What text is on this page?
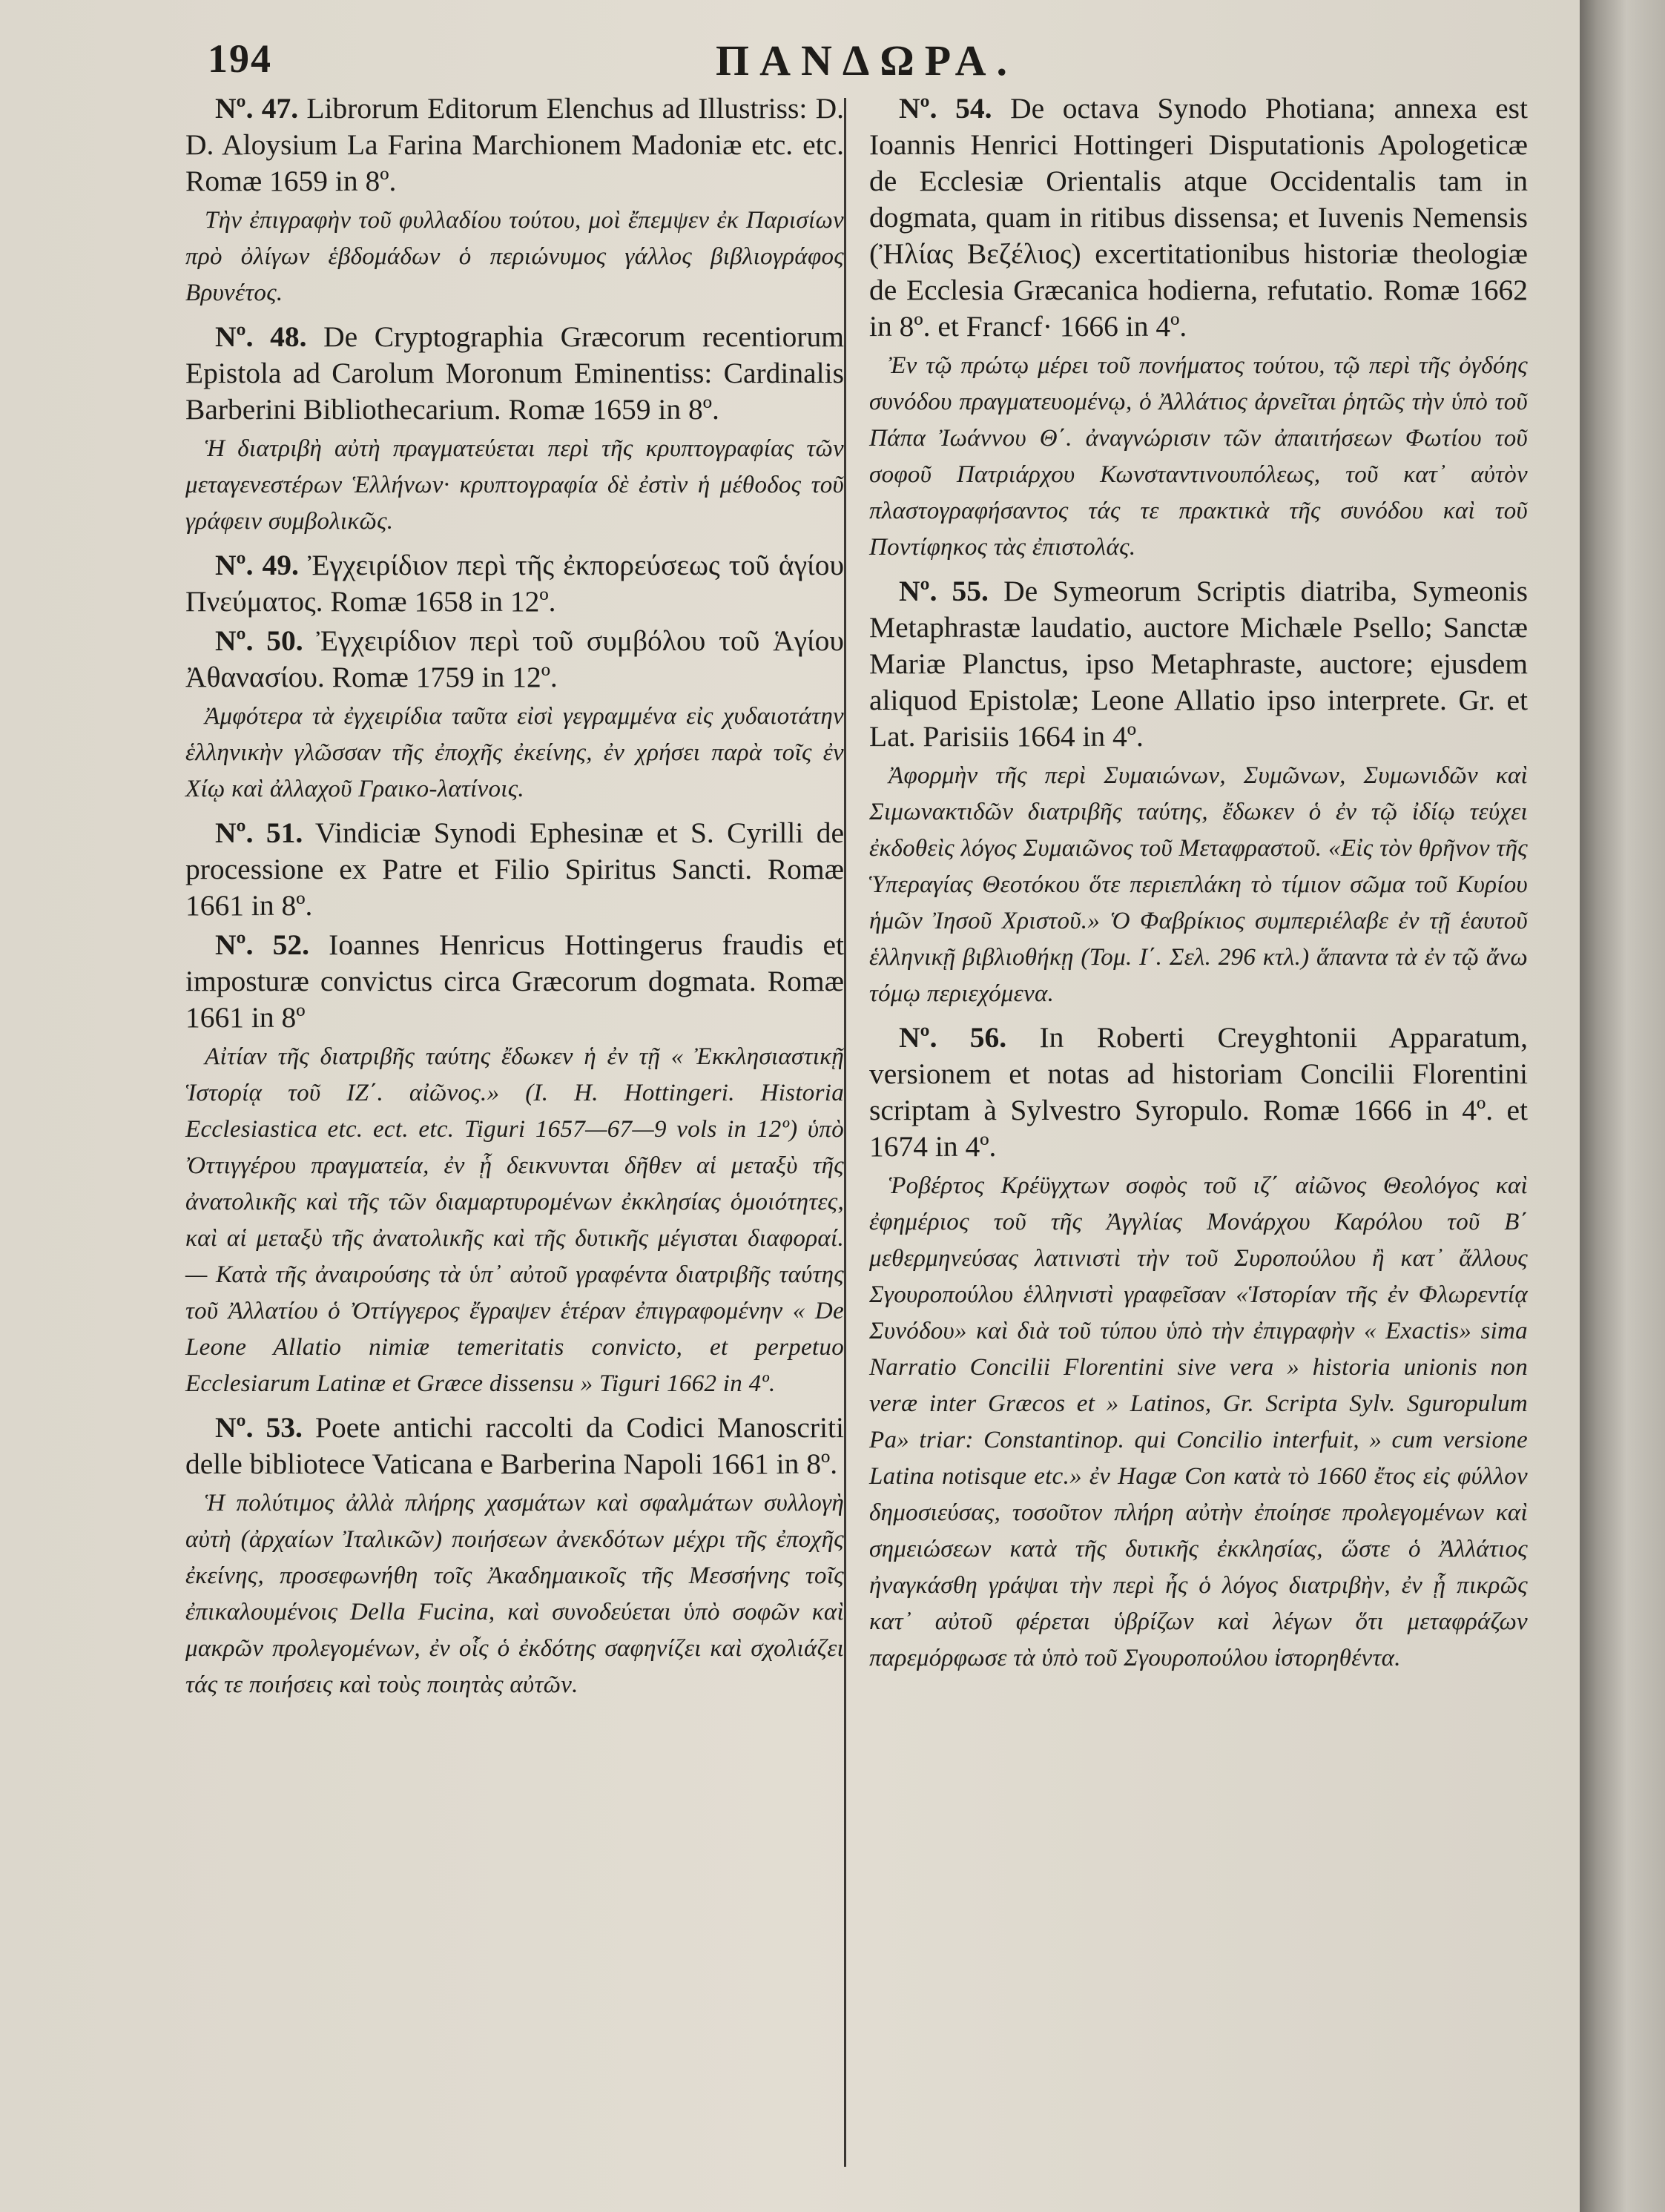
194	ΠΑΝΔΩΡΑ.

Nº. 47. Librorum Editorum Elenchus ad Illustriss: D. D. Aloysium La Farina Marchionem Madoniæ etc. etc. Romæ 1659 in 8º.

Τὴν ἐπιγραφὴν τοῦ φυλλαδίου τούτου, μοὶ ἔπεμψεν ἐκ Παρισίων πρὸ ὀλίγων ἑβδομάδων ὁ περιώνυμος γάλλος βιβλιογράφος Βρυνέτος.

Nº. 48. De Cryptographia Græcorum recentiorum Epistola ad Carolum Moronum Eminentiss: Cardinalis Barberini Bibliothecarium. Romæ 1659 in 8º.

Ἡ διατριβὴ αὐτὴ πραγματεύεται περὶ τῆς κρυπτογραφίας τῶν μεταγενεστέρων Ἑλλήνων· κρυπτογραφία δὲ ἐστὶν ἡ μέθοδος τοῦ γράφειν συμβολικῶς.

Nº. 49. Ἐγχειρίδιον περὶ τῆς ἐκπορεύσεως τοῦ ἁγίου Πνεύματος. Romæ 1658 in 12º.

Nº. 50. Ἐγχειρίδιον περὶ τοῦ συμβόλου τοῦ Ἁγίου Ἀθανασίου. Romæ 1759 in 12º.

Ἀμφότερα τὰ ἐγχειρίδια ταῦτα εἰσὶ γεγραμμένα εἰς χυδαιοτάτην ἑλληνικὴν γλῶσσαν τῆς ἐποχῆς ἐκείνης, ἐν χρήσει παρὰ τοῖς ἐν Χίῳ καὶ ἀλλαχοῦ Γραικο-λατίνοις.

Nº. 51. Vindiciæ Synodi Ephesinæ et S. Cyrilli de processione ex Patre et Filio Spiritus Sancti. Romæ 1661 in 8º.

Nº. 52. Ioannes Henricus Hottingerus fraudis et imposturæ convictus circa Græcorum dogmata. Romæ 1661 in 8º

Αἰτίαν τῆς διατριβῆς ταύτης ἔδωκεν ἡ ἐν τῇ « Ἐκκλησιαστικῇ Ἱστορίᾳ τοῦ ΙΖ΄. αἰῶνος.» (I. H. Hottingeri. Historia Ecclesiastica etc. ect. etc. Tiguri 1657—67—9 vols in 12º) ὑπὸ Ὀττιγγέρου πραγματεία, ἐν ᾗ δεικνυνται δῆθεν αἱ μεταξὺ τῆς ἀνατολικῆς καὶ τῆς τῶν διαμαρτυρομένων ἐκκλησίας ὁμοιότητες, καὶ αἱ μεταξὺ τῆς ἀνατολικῆς καὶ τῆς δυτικῆς μέγισται διαφοραί. — Κατὰ τῆς ἀναιρούσης τὰ ὑπ᾽ αὐτοῦ γραφέντα διατριβῆς ταύτης τοῦ Ἀλλατίου ὁ Ὀττίγγερος ἔγραψεν ἑτέραν ἐπιγραφομένην « De Leone Allatio nimiæ temeritatis convicto, et perpetuo Ecclesiarum Latinæ et Græce dissensu » Tiguri 1662 in 4º.

Nº. 53. Poete antichi raccolti da Codici Manoscriti delle bibliotece Vaticana e Barberina Napoli 1661 in 8º.

Ἡ πολύτιμος ἀλλὰ πλήρης χασμάτων καὶ σφαλμάτων συλλογὴ αὐτὴ (ἀρχαίων Ἰταλικῶν) ποιήσεων ἀνεκδότων μέχρι τῆς ἐποχῆς ἐκείνης, προσεφωνήθη τοῖς Ἀκαδημαικοῖς τῆς Μεσσήνης τοῖς ἐπικαλουμένοις Della Fucina, καὶ συνοδεύεται ὑπὸ σοφῶν καὶ μακρῶν προλεγομένων, ἐν οἷς ὁ ἐκδότης σαφηνίζει καὶ σχολιάζει τάς τε ποιήσεις καὶ τοὺς ποιητὰς αὐτῶν.

Nº. 54. De octava Synodo Photiana; annexa est Ioannis Henrici Hottingeri Disputationis Apologeticæ de Ecclesiæ Orientalis atque Occidentalis tam in dogmata, quam in ritibus dissensa; et Iuvenis Nemensis (Ἠλίας Βεζέλιος) excertitationibus historiæ theologiæ de Ecclesia Græcanica hodierna, refutatio. Romæ 1662 in 8º. et Francf· 1666 in 4º.

Ἐν τῷ πρώτῳ μέρει τοῦ πονήματος τούτου, τῷ περὶ τῆς ὀγδόης συνόδου πραγματευομένῳ, ὁ Ἀλλάτιος ἀρνεῖται ῥητῶς τὴν ὑπὸ τοῦ Πάπα Ἰωάννου Θ΄. ἀναγνώρισιν τῶν ἀπαιτήσεων Φωτίου τοῦ σοφοῦ Πατριάρχου Κωνσταντινουπόλεως, τοῦ κατ᾽ αὐτὸν πλαστογραφήσαντος τάς τε πρακτικὰ τῆς συνόδου καὶ τοῦ Ποντίφηκος τὰς ἐπιστολάς.

Nº. 55. De Symeorum Scriptis diatriba, Symeonis Metaphrastæ laudatio, auctore Michæle Psello; Sanctæ Mariæ Planctus, ipso Metaphraste, auctore; ejusdem aliquod Epistolæ; Leone Allatio ipso interprete. Gr. et Lat. Parisiis 1664 in 4º.

Ἀφορμὴν τῆς περὶ Συμαιώνων, Συμῶνων, Συμωνιδῶν καὶ Σιμωνακτιδῶν διατριβῆς ταύτης, ἔδωκεν ὁ ἐν τῷ ἰδίῳ τεύχει ἐκδοθεὶς λόγος Συμαιῶνος τοῦ Μεταφραστοῦ. «Εἰς τὸν θρῆνον τῆς Ὑπεραγίας Θεοτόκου ὅτε περιεπλάκη τὸ τίμιον σῶμα τοῦ Κυρίου ἡμῶν Ἰησοῦ Χριστοῦ.» Ὁ Φαβρίκιος συμπεριέλαβε ἐν τῇ ἑαυτοῦ ἑλληνικῇ βιβλιοθήκῃ (Τομ. Ι΄. Σελ. 296 κτλ.) ἅπαντα τὰ ἐν τῷ ἄνω τόμῳ περιεχόμενα.

Nº. 56. In Roberti Creyghtonii Apparatum, versionem et notas ad historiam Concilii Florentini scriptam à Sylvestro Syropulo. Romæ 1666 in 4º. et 1674 in 4º.

Ῥοβέρτος Κρέϋγχτων σοφὸς τοῦ ιζ΄ αἰῶνος Θεολόγος καὶ ἐφημέριος τοῦ τῆς Ἀγγλίας Μονάρχου Καρόλου τοῦ Β΄ μεθερμηνεύσας λατινιστὶ τὴν τοῦ Συροπούλου ἢ κατ᾽ ἄλλους Σγουροπούλου ἑλληνιστὶ γραφεῖσαν «Ἱστορίαν τῆς ἐν Φλωρεντίᾳ Συνόδου» καὶ διὰ τοῦ τύπου ὑπὸ τὴν ἐπιγραφὴν « Exactis» sima Narratio Concilii Florentini sive vera » historia unionis non veræ inter Græcos et » Latinos, Gr. Scripta Sylv. Sguropulum Pa» triar: Constantinop. qui Concilio interfuit, » cum versione Latina notisque etc.» ἐν Hagæ Con κατὰ τὸ 1660 ἔτος εἰς φύλλον δημοσιεύσας, τοσοῦτον πλήρη αὐτὴν ἐποίησε προλεγομένων καὶ σημειώσεων κατὰ τῆς δυτικῆς ἐκκλησίας, ὥστε ὁ Ἀλλάτιος ἠναγκάσθη γράψαι τὴν περὶ ἧς ὁ λόγος διατριβὴν, ἐν ᾗ πικρῶς κατ᾽ αὐτοῦ φέρεται ὑβρίζων καὶ λέγων ὅτι μεταφράζων παρεμόρφωσε τὰ ὑπὸ τοῦ Σγουροπούλου ἱστορηθέντα.
